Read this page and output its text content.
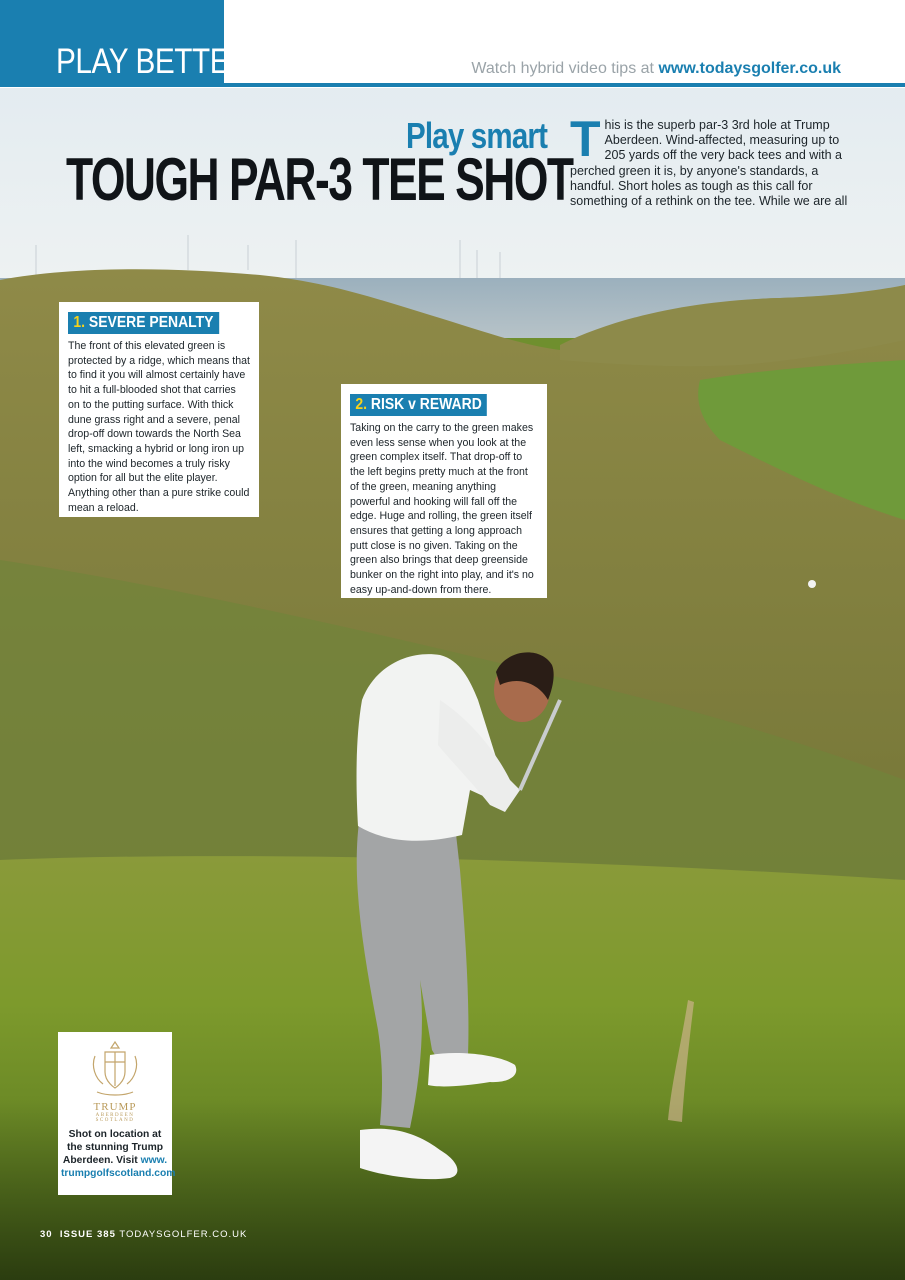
PLAY BETTER	Watch hybrid video tips at www.todaysgolfer.co.uk
Play smart
TOUGH PAR-3 TEE SHOT
This is the superb par-3 3rd hole at Trump Aberdeen. Wind-affected, measuring up to 205 yards off the very back tees and with a perched green it is, by anyone's standards, a handful. Short holes as tough as this call for something of a rethink on the tee. While we are all
1. SEVERE PENALTY
The front of this elevated green is protected by a ridge, which means that to find it you will almost certainly have to hit a full-blooded shot that carries on to the putting surface. With thick dune grass right and a severe, penal drop-off down towards the North Sea left, smacking a hybrid or long iron up into the wind becomes a truly risky option for all but the elite player. Anything other than a pure strike could mean a reload.
2. RISK v REWARD
Taking on the carry to the green makes even less sense when you look at the green complex itself. That drop-off to the left begins pretty much at the front of the green, meaning anything powerful and hooking will fall off the edge. Huge and rolling, the green itself ensures that getting a long approach putt close is no given. Taking on the green also brings that deep greenside bunker on the right into play, and it's no easy up-and-down from there.
TRUMP
ABERDEEN
SCOTLAND
Shot on location at the stunning Trump Aberdeen. Visit www. trumpgolfscotland.com
30 ISSUE 385 TODAYSGOLFER.CO.UK
